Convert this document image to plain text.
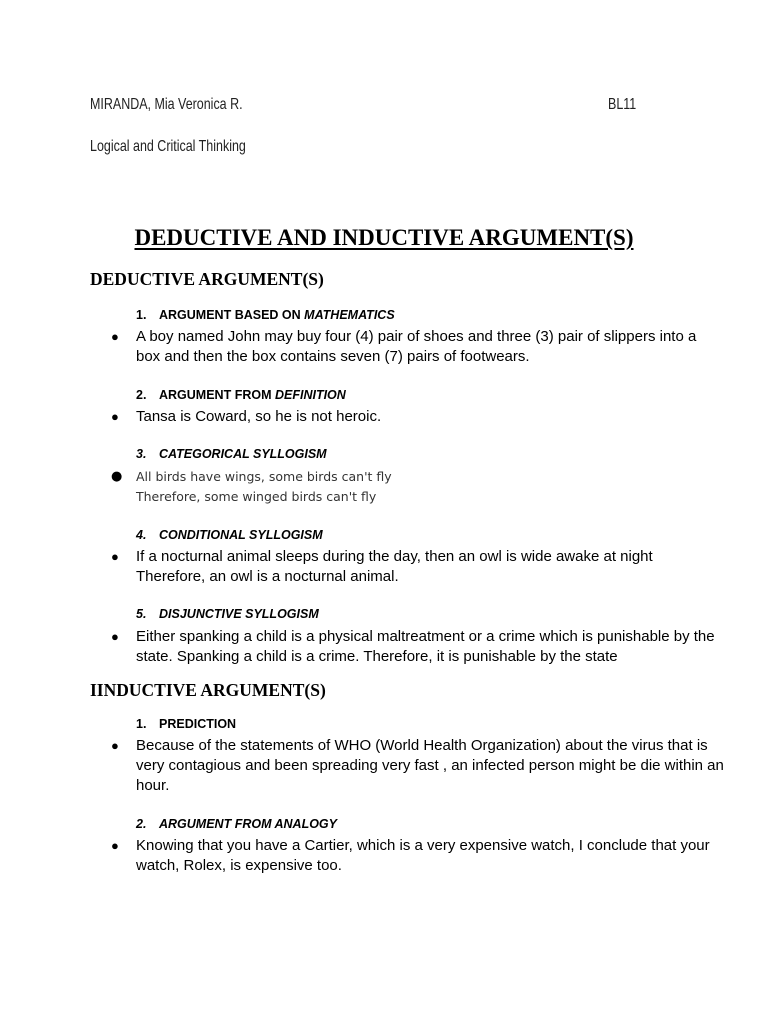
MIRANDA, Mia Veronica R.	BL11
Logical and Critical Thinking
DEDUCTIVE AND INDUCTIVE ARGUMENT(S)
DEDUCTIVE ARGUMENT(S)
1. ARGUMENT BASED ON MATHEMATICS
● A boy named John may buy four (4) pair of shoes and three (3) pair of slippers into a
box and then the box contains seven (7) pairs of footwears.
2. ARGUMENT FROM DEFINITION
● Tansa is Coward, so he is not heroic.
3. CATEGORICAL SYLLOGISM
● All birds have wings, some birds can't fly
Therefore, some winged birds can't fly
4. CONDITIONAL SYLLOGISM
● If a nocturnal animal sleeps during the day, then an owl is wide awake at night
Therefore, an owl is a nocturnal animal.
5. DISJUNCTIVE SYLLOGISM
● Either spanking a child is a physical maltreatment or a crime which is punishable by the
state. Spanking a child is a crime. Therefore, it is punishable by the state
IINDUCTIVE ARGUMENT(S)
1. PREDICTION
● Because of the statements of WHO (World Health Organization) about the virus that is
very contagious and been spreading very fast , an infected person might be die within an
hour.
2. ARGUMENT FROM ANALOGY
● Knowing that you have a Cartier, which is a very expensive watch, I conclude that your
watch, Rolex, is expensive too.
